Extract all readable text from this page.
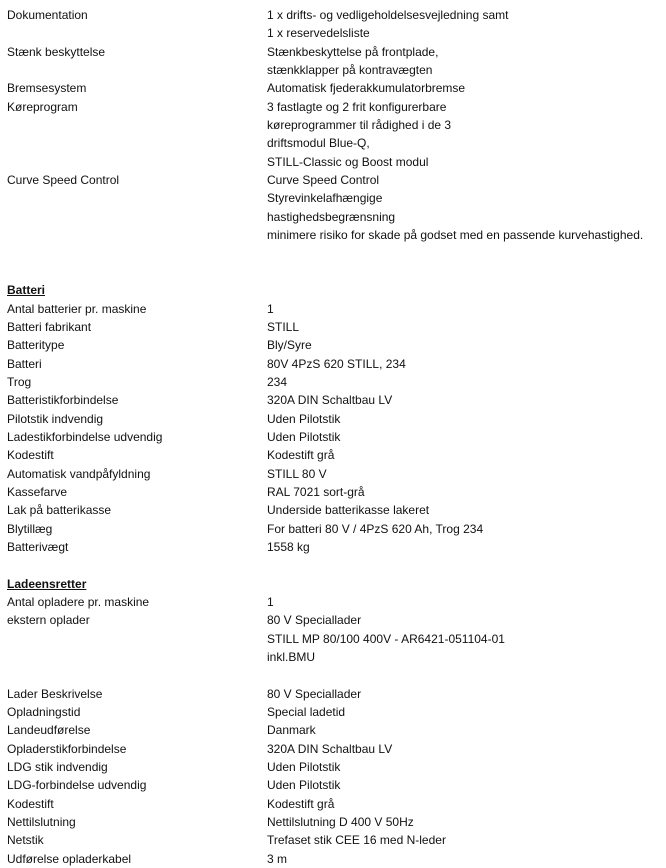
Dokumentation	1 x drifts- og vedligeholdelsesvejledning samt
1 x reservedelsliste
Stænk beskyttelse	Stænkbeskyttelse på frontplade,
stænkklapper på kontravægten
Bremsesystem	Automatisk fjederakkumulatorbremse
Køreprogram	3 fastlagte og 2 frit konfigurerbare
køreprogrammer til rådighed i de 3
driftsmodul Blue-Q,
STILL-Classic og Boost modul
Curve Speed Control	Curve Speed Control
Styrevinkelafhængige
hastighedsbegrænsning
minimere risiko for skade på godset med en passende kurvehastighed.
Batteri
Antal batterier pr. maskine	1
Batteri fabrikant	STILL
Batteritype	Bly/Syre
Batteri	80V 4PzS 620 STILL, 234
Trog	234
Batteristikforbindelse	320A DIN Schaltbau LV
Pilotstik indvendig	Uden Pilotstik
Ladestikforbindelse udvendig	Uden Pilotstik
Kodestift	Kodestift grå
Automatisk vandpåfyldning	STILL 80 V
Kassefarve	RAL 7021 sort-grå
Lak på batterikasse	Underside batterikasse lakeret
Blytillæg	For batteri 80 V / 4PzS 620 Ah, Trog 234
Batterivægt	1558 kg
Ladeensretter
Antal opladere pr. maskine	1
ekstern oplader	80 V Speciallader
STILL MP 80/100 400V - AR6421-051104-01
inkl.BMU
Lader Beskrivelse	80 V Speciallader
Opladningstid	Special ladetid
Landeudførelse	Danmark
Opladerstikforbindelse	320A DIN Schaltbau LV
LDG stik indvendig	Uden Pilotstik
LDG-forbindelse udvendig	Uden Pilotstik
Kodestift	Kodestift grå
Nettilslutning	Nettilslutning D 400 V 50Hz
Netstik	Trefaset stik CEE 16 med N-leder
Udførelse opladerkabel	3 m
